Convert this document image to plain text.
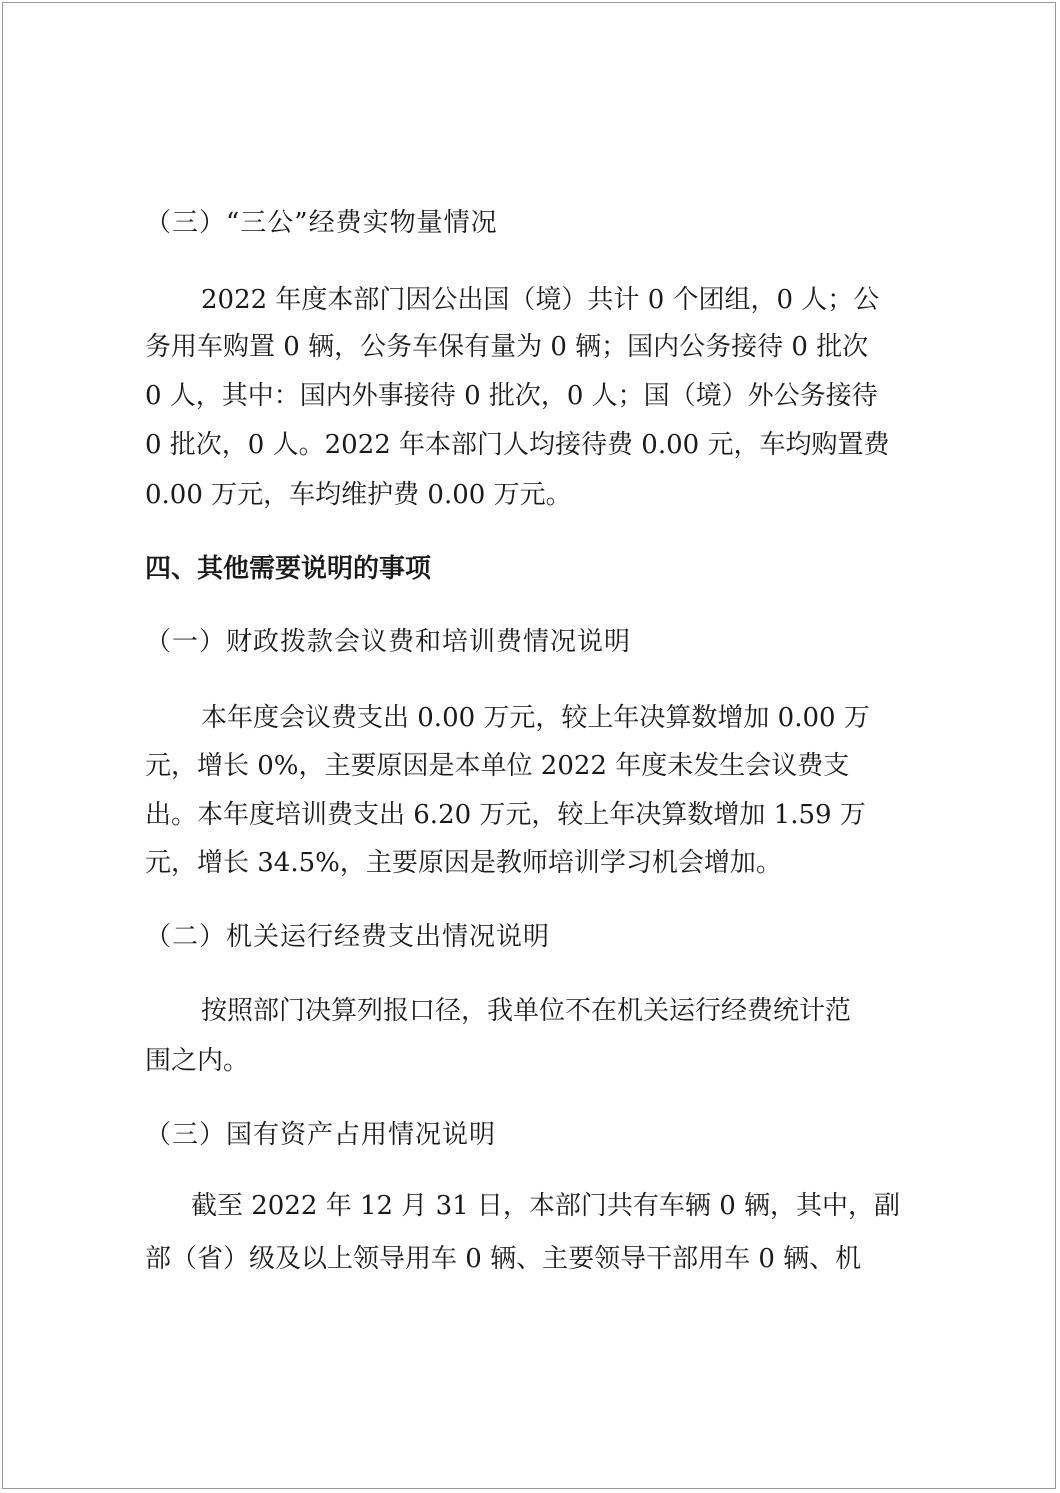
（三）“三公”经费实物量情况
2022 年度本部门因公出国（境）共计 0 个团组，0 人；公
务用车购置 0 辆，公务车保有量为 0 辆；国内公务接待 0 批次
0 人，其中：国内外事接待 0 批次，0 人；国（境）外公务接待
0 批次，0 人。2022 年本部门人均接待费 0.00 元，车均购置费
0.00 万元，车均维护费 0.00 万元。
四、其他需要说明的事项
（一）财政拨款会议费和培训费情况说明
本年度会议费支出 0.00 万元，较上年决算数增加 0.00 万
元，增长 0%，主要原因是本单位 2022 年度未发生会议费支
出。本年度培训费支出 6.20 万元，较上年决算数增加 1.59 万
元，增长 34.5%，主要原因是教师培训学习机会增加。
（二）机关运行经费支出情况说明
按照部门决算列报口径，我单位不在机关运行经费统计范
围之内。
（三）国有资产占用情况说明
截至 2022 年 12 月 31 日，本部门共有车辆 0 辆，其中，副
部（省）级及以上领导用车 0 辆、主要领导干部用车 0 辆、机
